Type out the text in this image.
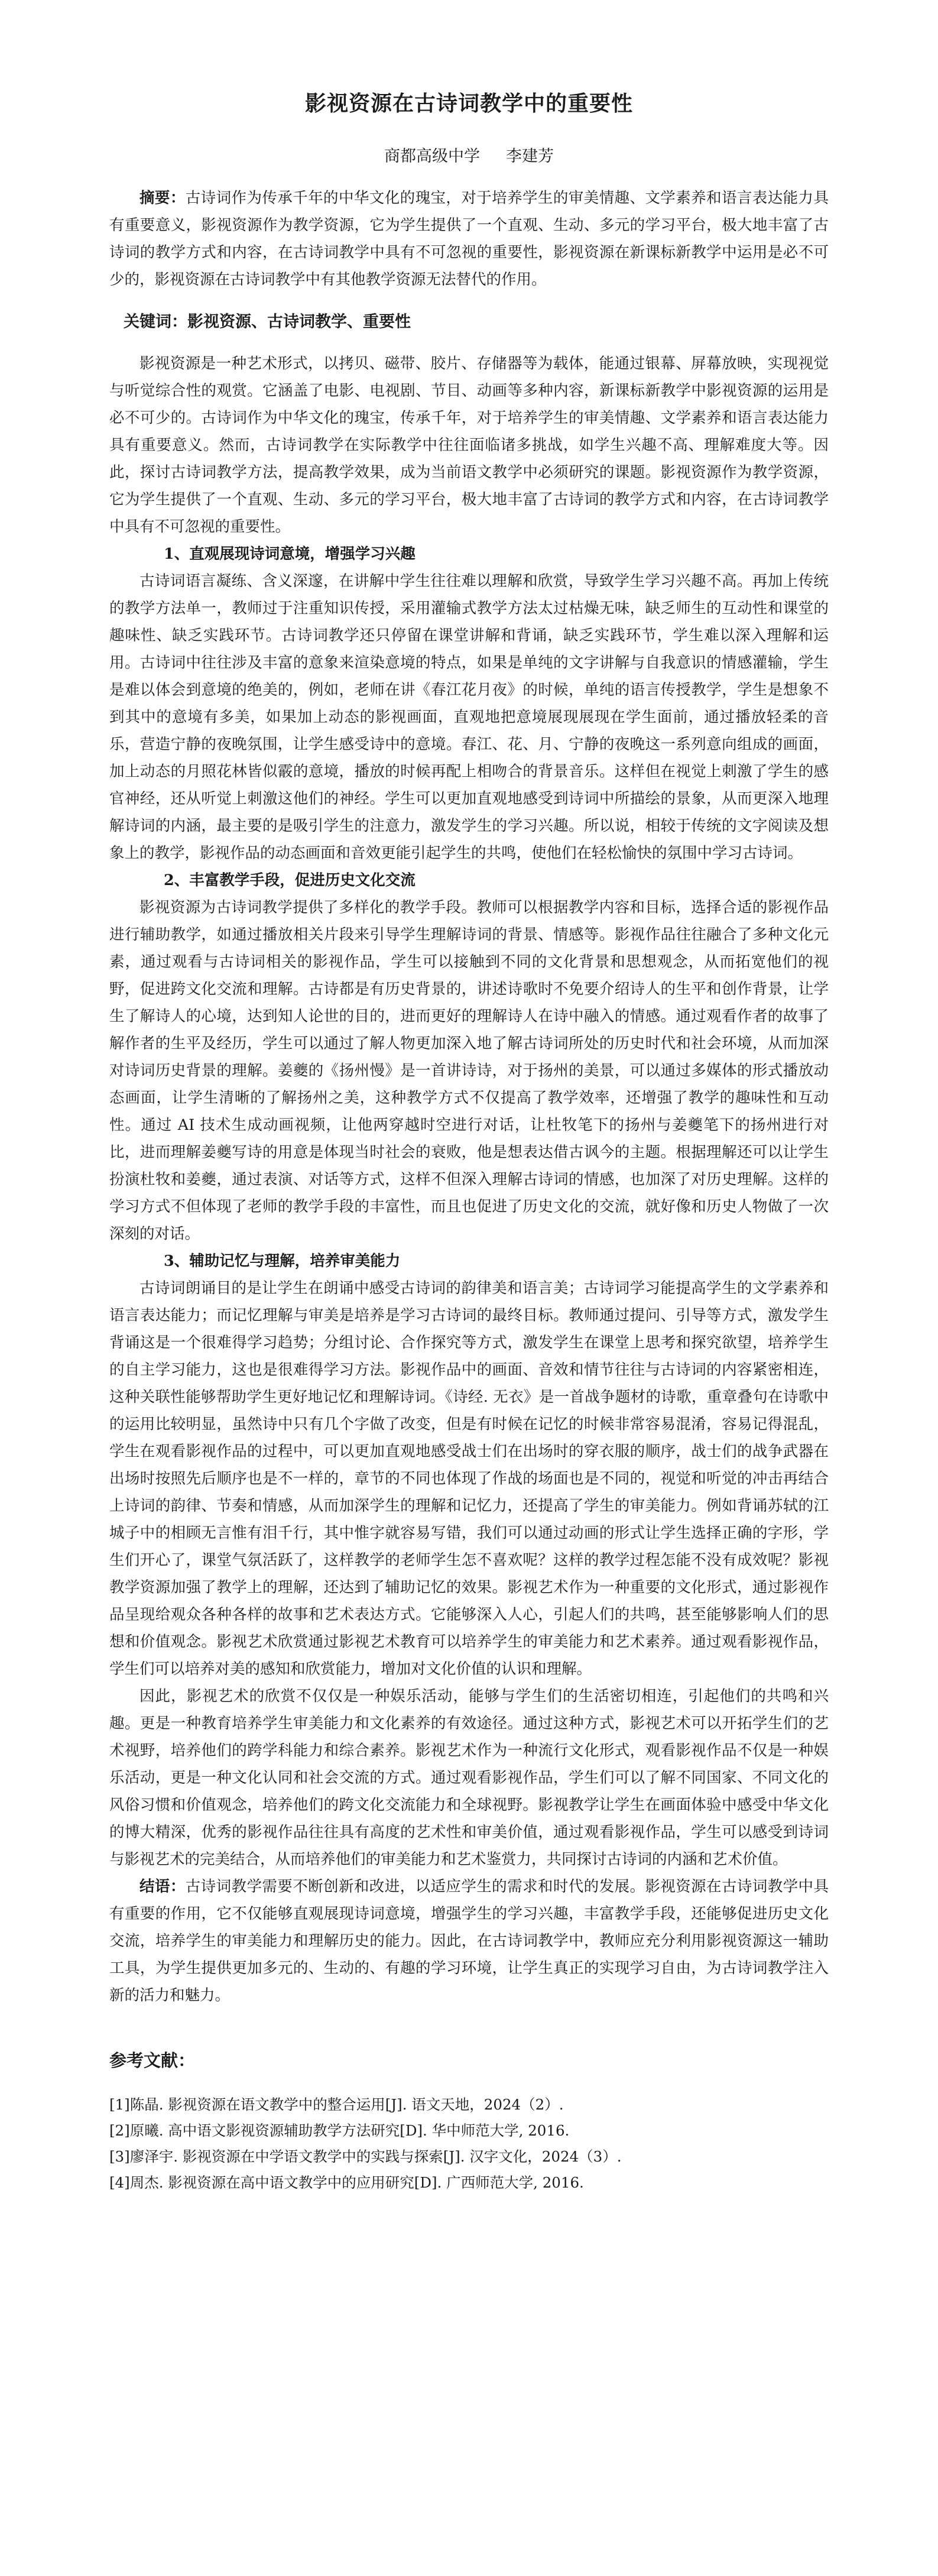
影视资源在古诗词教学中的重要性
商都高级中学 李建芳

摘要：古诗词作为传承千年的中华文化的瑰宝，对于培养学生的审美情趣、文学素养和语言表达能力具有重要意义，影视资源作为教学资源，它为学生提供了一个直观、生动、多元的学习平台，极大地丰富了古诗词的教学方式和内容，在古诗词教学中具有不可忽视的重要性，影视资源在新课标新教学中运用是必不可少的，影视资源在古诗词教学中有其他教学资源无法替代的作用。

关键词：影视资源、古诗词教学、重要性

影视资源是一种艺术形式，以拷贝、磁带、胶片、存储器等为载体，能通过银幕、屏幕放映，实现视觉与听觉综合性的观赏。它涵盖了电影、电视剧、节目、动画等多种内容，新课标新教学中影视资源的运用是必不可少的。古诗词作为中华文化的瑰宝，传承千年，对于培养学生的审美情趣、文学素养和语言表达能力具有重要意义。然而，古诗词教学在实际教学中往往面临诸多挑战，如学生兴趣不高、理解难度大等。因此，探讨古诗词教学方法，提高教学效果，成为当前语文教学中必须研究的课题。影视资源作为教学资源，它为学生提供了一个直观、生动、多元的学习平台，极大地丰富了古诗词的教学方式和内容，在古诗词教学中具有不可忽视的重要性。

1、直观展现诗词意境，增强学习兴趣

古诗词语言凝练、含义深邃，在讲解中学生往往难以理解和欣赏，导致学生学习兴趣不高。再加上传统的教学方法单一，教师过于注重知识传授，采用灌输式教学方法太过枯燥无味，缺乏师生的互动性和课堂的趣味性、缺乏实践环节。古诗词教学还只停留在课堂讲解和背诵，缺乏实践环节，学生难以深入理解和运用。古诗词中往往涉及丰富的意象来渲染意境的特点，如果是单纯的文字讲解与自我意识的情感灌输，学生是难以体会到意境的绝美的，例如，老师在讲《春江花月夜》的时候，单纯的语言传授教学，学生是想象不到其中的意境有多美，如果加上动态的影视画面，直观地把意境展现展现在学生面前，通过播放轻柔的音乐，营造宁静的夜晚氛围，让学生感受诗中的意境。春江、花、月、宁静的夜晚这一系列意向组成的画面，加上动态的月照花林皆似霰的意境，播放的时候再配上相吻合的背景音乐。这样但在视觉上刺激了学生的感官神经，还从听觉上刺激这他们的神经。学生可以更加直观地感受到诗词中所描绘的景象，从而更深入地理解诗词的内涵，最主要的是吸引学生的注意力，激发学生的学习兴趣。所以说，相较于传统的文字阅读及想象上的教学，影视作品的动态画面和音效更能引起学生的共鸣，使他们在轻松愉快的氛围中学习古诗词。

2、丰富教学手段，促进历史文化交流

影视资源为古诗词教学提供了多样化的教学手段。教师可以根据教学内容和目标，选择合适的影视作品进行辅助教学，如通过播放相关片段来引导学生理解诗词的背景、情感等。影视作品往往融合了多种文化元素，通过观看与古诗词相关的影视作品，学生可以接触到不同的文化背景和思想观念，从而拓宽他们的视野，促进跨文化交流和理解。古诗都是有历史背景的，讲述诗歌时不免要介绍诗人的生平和创作背景，让学生了解诗人的心境，达到知人论世的目的，进而更好的理解诗人在诗中融入的情感。通过观看作者的故事了解作者的生平及经历，学生可以通过了解人物更加深入地了解古诗词所处的历史时代和社会环境，从而加深对诗词历史背景的理解。姜夔的《扬州慢》是一首讲诗诗，对于扬州的美景，可以通过多媒体的形式播放动态画面，让学生清晰的了解扬州之美，这种教学方式不仅提高了教学效率，还增强了教学的趣味性和互动性。通过 AI 技术生成动画视频，让他两穿越时空进行对话，让杜牧笔下的扬州与姜夔笔下的扬州进行对比，进而理解姜夔写诗的用意是体现当时社会的衰败，他是想表达借古讽今的主题。根据理解还可以让学生扮演杜牧和姜夔，通过表演、对话等方式，这样不但深入理解古诗词的情感，也加深了对历史理解。这样的学习方式不但体现了老师的教学手段的丰富性，而且也促进了历史文化的交流，就好像和历史人物做了一次深刻的对话。

3、辅助记忆与理解，培养审美能力

古诗词朗诵目的是让学生在朗诵中感受古诗词的韵律美和语言美；古诗词学习能提高学生的文学素养和语言表达能力；而记忆理解与审美是培养是学习古诗词的最终目标。教师通过提问、引导等方式，激发学生背诵这是一个很难得学习趋势；分组讨论、合作探究等方式，激发学生在课堂上思考和探究欲望，培养学生的自主学习能力，这也是很难得学习方法。影视作品中的画面、音效和情节往往与古诗词的内容紧密相连，这种关联性能够帮助学生更好地记忆和理解诗词。《诗经. 无衣》是一首战争题材的诗歌，重章叠句在诗歌中的运用比较明显，虽然诗中只有几个字做了改变，但是有时候在记忆的时候非常容易混淆，容易记得混乱，学生在观看影视作品的过程中，可以更加直观地感受战士们在出场时的穿衣服的顺序，战士们的战争武器在出场时按照先后顺序也是不一样的，章节的不同也体现了作战的场面也是不同的，视觉和听觉的冲击再结合上诗词的韵律、节奏和情感，从而加深学生的理解和记忆力，还提高了学生的审美能力。例如背诵苏轼的江城子中的相顾无言惟有泪千行，其中惟字就容易写错，我们可以通过动画的形式让学生选择正确的字形，学生们开心了，课堂气氛活跃了，这样教学的老师学生怎不喜欢呢？这样的教学过程怎能不没有成效呢？影视教学资源加强了教学上的理解，还达到了辅助记忆的效果。影视艺术作为一种重要的文化形式，通过影视作品呈现给观众各种各样的故事和艺术表达方式。它能够深入人心，引起人们的共鸣，甚至能够影响人们的思想和价值观念。影视艺术欣赏通过影视艺术教育可以培养学生的审美能力和艺术素养。通过观看影视作品，学生们可以培养对美的感知和欣赏能力，增加对文化价值的认识和理解。

因此，影视艺术的欣赏不仅仅是一种娱乐活动，能够与学生们的生活密切相连，引起他们的共鸣和兴趣。更是一种教育培养学生审美能力和文化素养的有效途径。通过这种方式，影视艺术可以开拓学生们的艺术视野，培养他们的跨学科能力和综合素养。影视艺术作为一种流行文化形式，观看影视作品不仅是一种娱乐活动，更是一种文化认同和社会交流的方式。通过观看影视作品，学生们可以了解不同国家、不同文化的风俗习惯和价值观念，培养他们的跨文化交流能力和全球视野。影视教学让学生在画面体验中感受中华文化的博大精深，优秀的影视作品往往具有高度的艺术性和审美价值，通过观看影视作品，学生可以感受到诗词与影视艺术的完美结合，从而培养他们的审美能力和艺术鉴赏力，共同探讨古诗词的内涵和艺术价值。

结语：古诗词教学需要不断创新和改进，以适应学生的需求和时代的发展。影视资源在古诗词教学中具有重要的作用，它不仅能够直观展现诗词意境，增强学生的学习兴趣，丰富教学手段，还能够促进历史文化交流，培养学生的审美能力和理解历史的能力。因此，在古诗词教学中，教师应充分利用影视资源这一辅助工具，为学生提供更加多元的、生动的、有趣的学习环境，让学生真正的实现学习自由，为古诗词教学注入新的活力和魅力。

参考文献：

[1]陈晶. 影视资源在语文教学中的整合运用[J]. 语文天地，2024（2）.

[2]原曦. 高中语文影视资源辅助教学方法研究[D]. 华中师范大学, 2016.

[3]廖泽宇. 影视资源在中学语文教学中的实践与探索[J]. 汉字文化，2024（3）.

[4]周杰. 影视资源在高中语文教学中的应用研究[D]. 广西师范大学, 2016.
